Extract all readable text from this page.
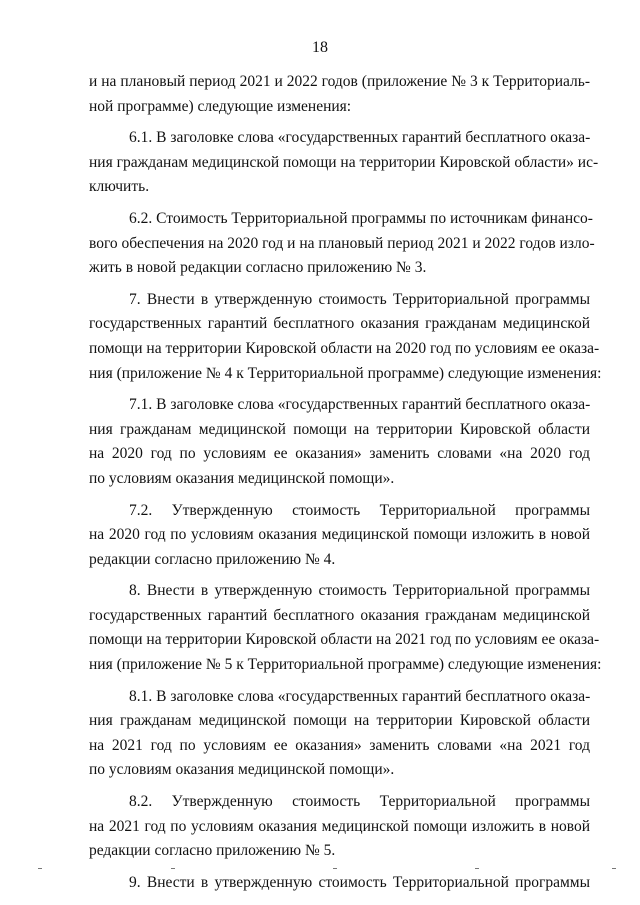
18
и на плановый период 2021 и 2022 годов (приложение № 3 к Территориаль-
ной программе) следующие изменения:
6.1. В заголовке слова «государственных гарантий бесплатного оказа-
ния гражданам медицинской помощи на территории Кировской области» ис-
ключить.
6.2. Стоимость Территориальной программы по источникам финансо-
вого обеспечения на 2020 год и на плановый период 2021 и 2022 годов изло-
жить в новой редакции согласно приложению № 3.
7. Внести в утвержденную стоимость Территориальной программы
государственных гарантий бесплатного оказания гражданам медицинской
помощи на территории Кировской области на 2020 год по условиям ее оказа-
ния (приложение № 4 к Территориальной программе) следующие изменения:
7.1. В заголовке слова «государственных гарантий бесплатного оказа-
ния гражданам медицинской помощи на территории Кировской области
на 2020 год по условиям ее оказания» заменить словами «на 2020 год
по условиям оказания медицинской помощи».
7.2. Утвержденную стоимость Территориальной программы
на 2020 год по условиям оказания медицинской помощи изложить в новой
редакции согласно приложению № 4.
8. Внести в утвержденную стоимость Территориальной программы
государственных гарантий бесплатного оказания гражданам медицинской
помощи на территории Кировской области на 2021 год по условиям ее оказа-
ния (приложение № 5 к Территориальной программе) следующие изменения:
8.1. В заголовке слова «государственных гарантий бесплатного оказа-
ния гражданам медицинской помощи на территории Кировской области
на 2021 год по условиям ее оказания» заменить словами «на 2021 год
по условиям оказания медицинской помощи».
8.2. Утвержденную стоимость Территориальной программы
на 2021 год по условиям оказания медицинской помощи изложить в новой
редакции согласно приложению № 5.
9. Внести в утвержденную стоимость Территориальной программы
